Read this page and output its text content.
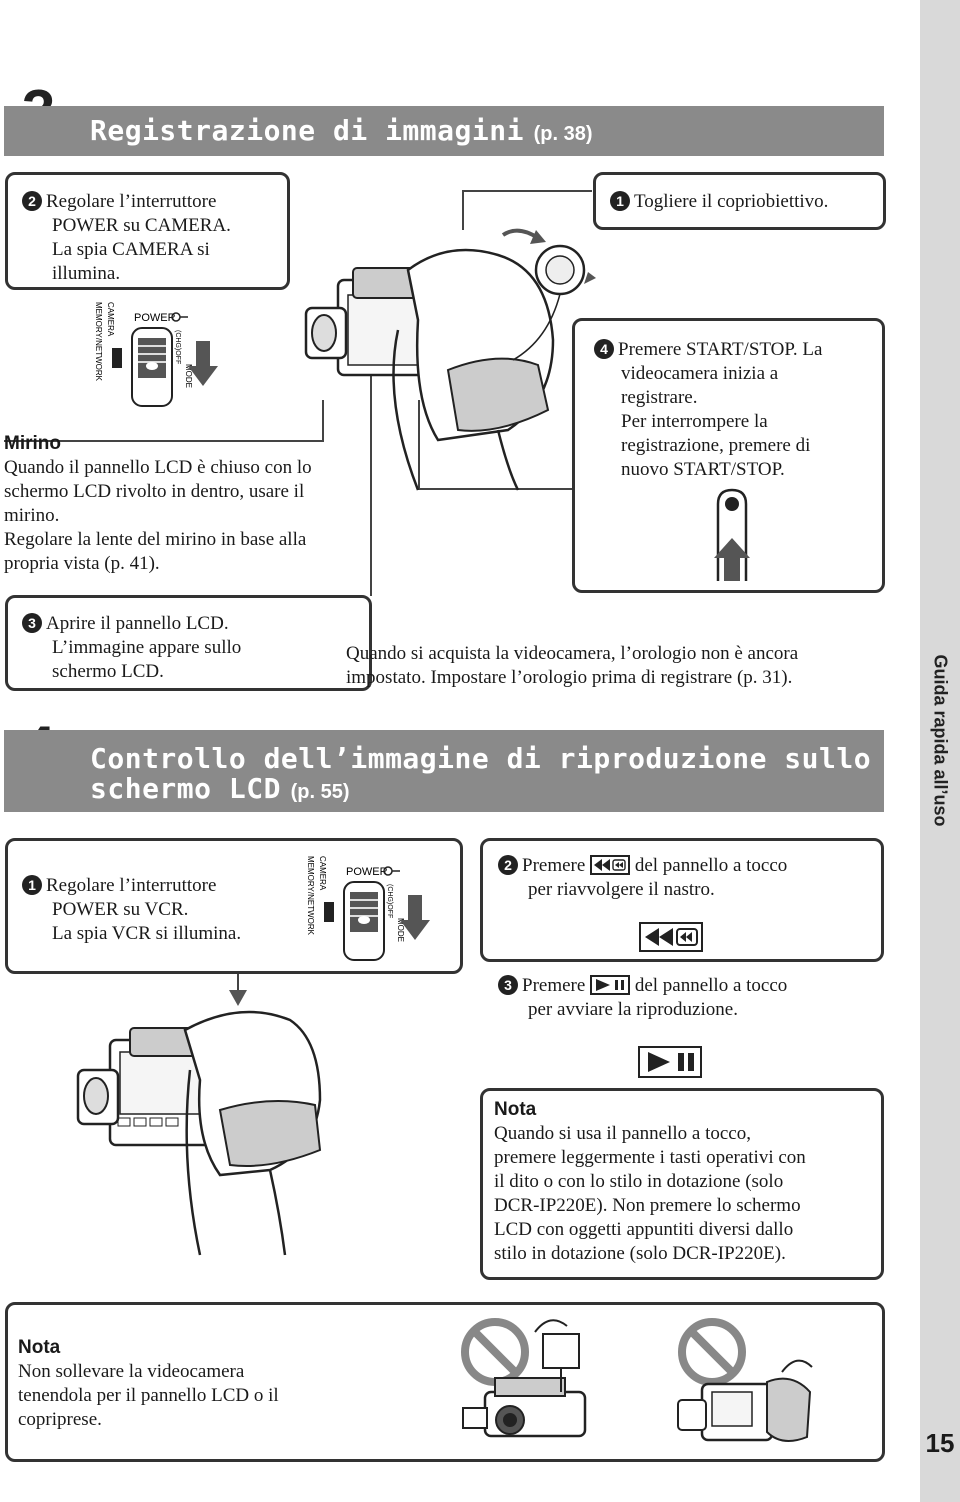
Guida rapida all’uso
15
Registrazione di immagini (p. 38)
2 Regolare l’interruttore
POWER su CAMERA.
La spia CAMERA si
illumina.
POWER
CAMERA
MEMORY/NETWORK	(CHG)OFF
MODE
1 Togliere il copriobiettivo.
4 Premere START/STOP. La
videocamera inizia a
registrare.
Per interrompere la
registrazione, premere di
nuovo START/STOP.
Mirino
Quando il pannello LCD è chiuso con lo
schermo LCD rivolto in dentro, usare il
mirino.
Regolare la lente del mirino in base alla
propria vista (p. 41).
3 Aprire il pannello LCD.
L’immagine appare sullo
schermo LCD.
Quando si acquista la videocamera, l’orologio non è ancora
impostato. Impostare l’orologio prima di registrare (p. 31).
Controllo dell’immagine di riproduzione sullo
schermo LCD (p. 55)
1 Regolare l’interruttore
POWER su VCR.
La spia VCR si illumina.
POWER
CAMERA
MEMORY/NETWORK	(CHG)OFF
MODE
2 Premere	del pannello a tocco
per riavvolgere il nastro.
3 Premere	del pannello a tocco
per avviare la riproduzione.
Nota
Quando si usa il pannello a tocco,
premere leggermente i tasti operativi con
il dito o con lo stilo in dotazione (solo
DCR-IP220E). Non premere lo schermo
LCD con oggetti appuntiti diversi dallo
stilo in dotazione (solo DCR-IP220E).
Nota
Non sollevare la videocamera
tenendola per il pannello LCD o il
copriprese.
